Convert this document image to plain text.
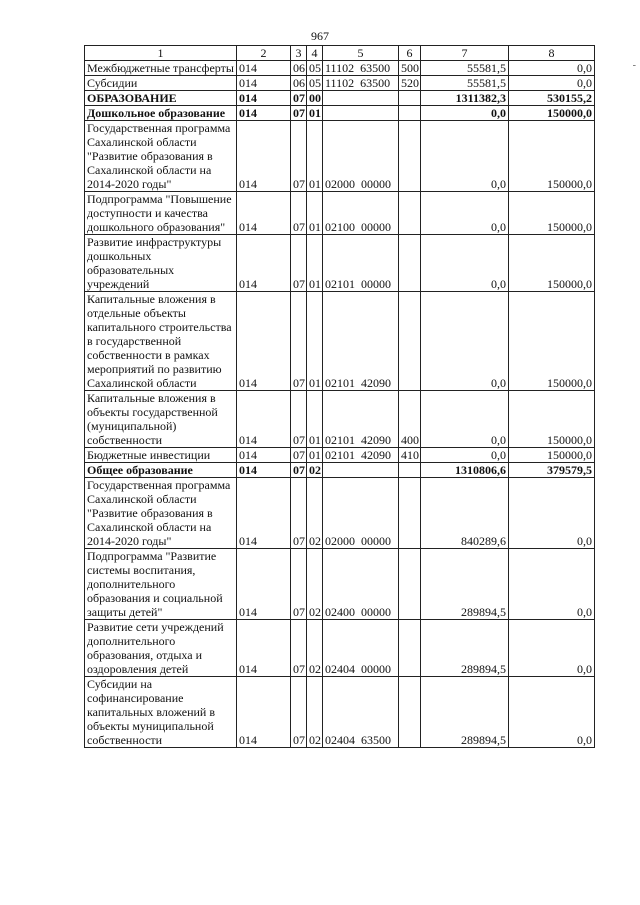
967
1	2	3	4	5	6	7	8
Межбюджетные трансферты	014	06	05	11102  63500	500	55581,5	0,0
Субсидии	014	06	05	11102  63500	520	55581,5	0,0
ОБРАЗОВАНИЕ	014	07	00			1311382,3	530155,2
Дошкольное образование	014	07	01			0,0	150000,0
Государственная программа Сахалинской области "Развитие образования в Сахалинской области на 2014-2020 годы"	014	07	01	02000  00000		0,0	150000,0
Подпрограмма "Повышение доступности и качества дошкольного образования"	014	07	01	02100  00000		0,0	150000,0
Развитие инфраструктуры дошкольных образовательных учреждений	014	07	01	02101  00000		0,0	150000,0
Капитальные вложения в отдельные объекты капитального строительства в государственной собственности в рамках мероприятий по развитию Сахалинской области	014	07	01	02101  42090		0,0	150000,0
Капитальные вложения в объекты государственной (муниципальной) собственности	014	07	01	02101  42090	400	0,0	150000,0
Бюджетные инвестиции	014	07	01	02101  42090	410	0,0	150000,0
Общее образование	014	07	02			1310806,6	379579,5
Государственная программа Сахалинской области "Развитие образования в Сахалинской области на 2014-2020 годы"	014	07	02	02000  00000		840289,6	0,0
Подпрограмма "Развитие системы воспитания, дополнительного образования и социальной защиты детей"	014	07	02	02400  00000		289894,5	0,0
Развитие сети учреждений дополнительного образования, отдыха и оздоровления детей	014	07	02	02404  00000		289894,5	0,0
Субсидии на софинансирование капитальных вложений в объекты муниципальной собственности	014	07	02	02404  63500		289894,5	0,0
-
